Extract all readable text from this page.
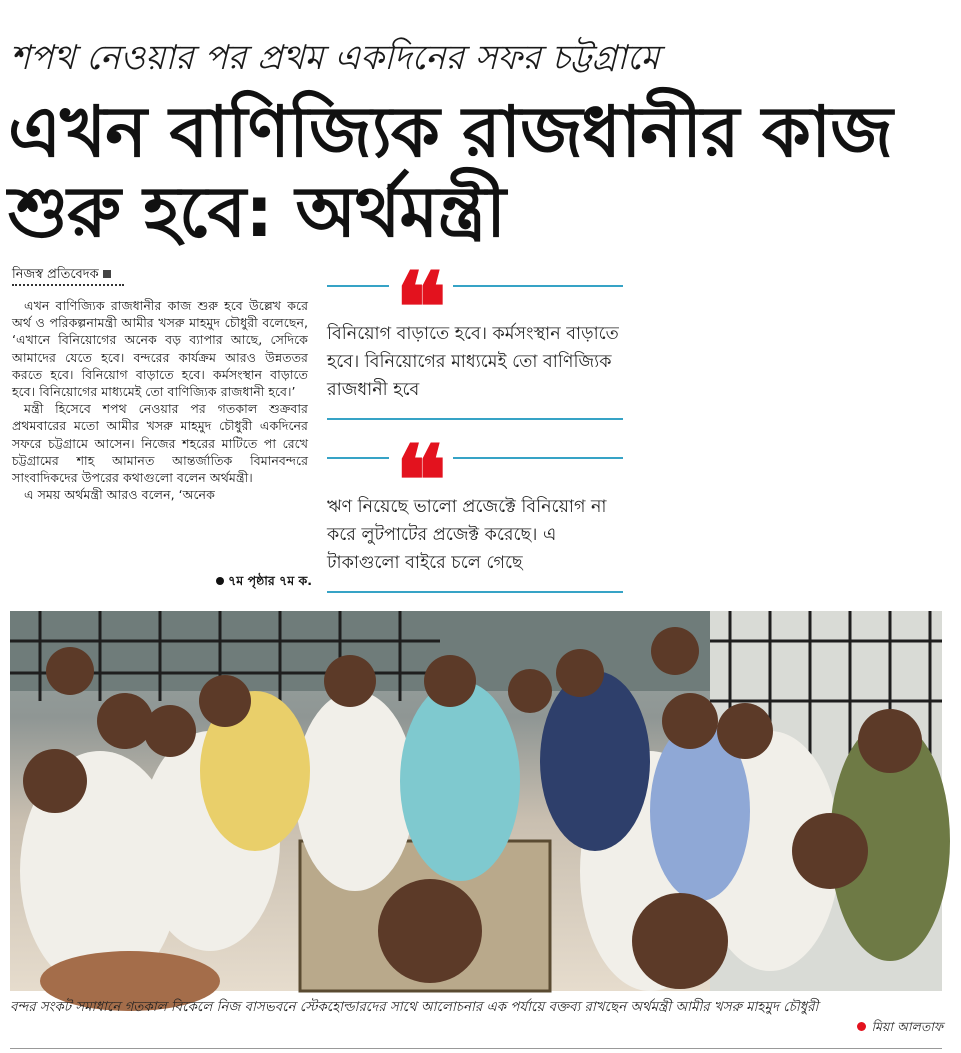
শপথ নেওয়ার পর প্রথম একদিনের সফর চট্টগ্রামে
এখন বাণিজ্যিক রাজধানীর কাজ শুরু হবে: অর্থমন্ত্রী
নিজস্ব প্রতিবেদক

এখন বাণিজ্যিক রাজধানীর কাজ শুরু হবে উল্লেখ করে অর্থ ও পরিকল্পনামন্ত্রী আমীর খসরু মাহমুদ চৌধুরী বলেছেন, ‘এখানে বিনিয়োগের অনেক বড় ব্যাপার আছে, সেদিকে আমাদের যেতে হবে। বন্দরের কার্যক্রম আরও উন্নততর করতে হবে। বিনিয়োগ বাড়াতে হবে। কর্মসংস্থান বাড়াতে হবে। বিনিয়োগের মাধ্যমেই তো বাণিজ্যিক রাজধানী হবে।’

মন্ত্রী হিসেবে শপথ নেওয়ার পর গতকাল শুক্রবার প্রথমবারের মতো আমীর খসরু মাহমুদ চৌধুরী একদিনের সফরে চট্টগ্রামে আসেন। নিজের শহরের মাটিতে পা রেখে চট্টগ্রামের শাহ আমানত আন্তর্জাতিক বিমানবন্দরে সাংবাদিকদের উপরের কথাগুলো বলেন অর্থমন্ত্রী।

এ সময় অর্থমন্ত্রী আরও বলেন, ‘অনেক

৭ম পৃষ্ঠার ৭ম ক.
❝
বিনিয়োগ বাড়াতে হবে। কর্মসংস্থান বাড়াতে হবে। বিনিয়োগের মাধ্যমেই তো বাণিজ্যিক রাজধানী হবে
❝
ঋণ নিয়েছে ভালো প্রজেক্টে বিনিয়োগ না করে লুটপাটের প্রজেক্ট করেছে। এ টাকাগুলো বাইরে চলে গেছে
বন্দর সংকট সমাধানে গতকাল বিকেলে নিজ বাসভবনে স্টেকহোল্ডারদের সাথে আলোচনার এক পর্যায়ে বক্তব্য রাখছেন অর্থমন্ত্রী আমীর খসরু মাহমুদ চৌধুরী
মিয়া আলতাফ
